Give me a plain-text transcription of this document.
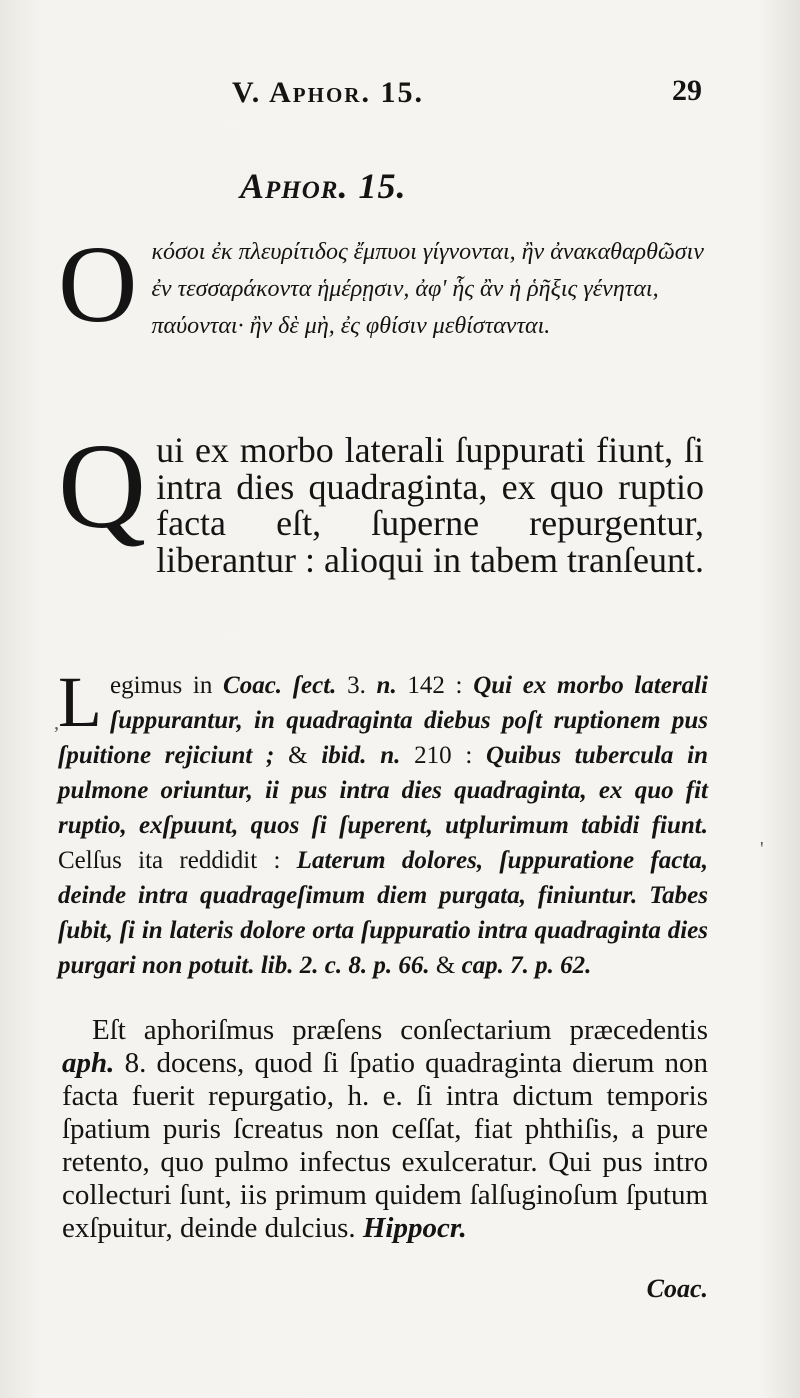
V. Aphor. 15.	29
Aphor. 15.
O κόσοι ἐκ πλευρίτιδος ἔμπυοι γίγνονται, ἢν ἀνακαθαρθῶσιν ἐν τεσσαράκοντα ἡμέρῃσιν, ἀφ' ἧς ἂν ἡ ῥῆξις γένηται, παύονται· ἢν δὲ μὴ, ἐς φθίσιν μεθίστανται.
Q ui ex morbo laterali ſuppurati fiunt, ſi intra dies quadraginta, ex quo ruptio facta eſt, ſuperne repurgentur, liberantur : alioqui in tabem tranſeunt.
Legimus in Coac. ſect. 3. n. 142 : Qui ex morbo laterali ſuppurantur, in quadraginta diebus poſt ruptionem pus ſpuitione rejiciunt ; & ibid. n. 210 : Quibus tubercula in pulmone oriuntur, ii pus intra dies quadraginta, ex quo fit ruptio, exſpuunt, quos ſi ſuperent, utplurimum tabidi fiunt. Celſus ita reddidit : Laterum dolores, ſuppuratione facta, deinde intra quadrageſimum diem purgata, finiuntur. Tabes ſubit, ſi in lateris dolore orta ſuppuratio intra quadraginta dies purgari non potuit. lib. 2. c. 8. p. 66. & cap. 7. p. 62.
Eſt aphoriſmus præſens conſectarium præcedentis aph. 8. docens, quod ſi ſpatio quadraginta dierum non facta fuerit repurgatio, h. e. ſi intra dictum temporis ſpatium puris ſcreatus non ceſſat, fiat phthiſis, a pure retento, quo pulmo infectus exulceratur. Qui pus intro collecturi ſunt, iis primum quidem ſalſuginoſum ſputum exſpuitur, deinde dulcius. Hippocr.
Coac.
,
'
